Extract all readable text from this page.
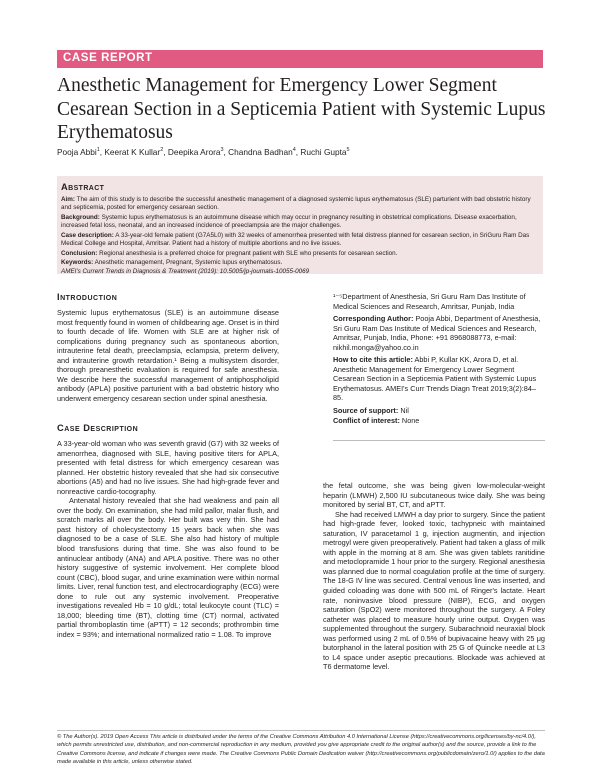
CASE REPORT
Anesthetic Management for Emergency Lower Segment Cesarean Section in a Septicemia Patient with Systemic Lupus Erythematosus
Pooja Abbi$^1$, Keerat K Kullar$^2$, Deepika Arora$^3$, Chandna Badhan$^4$, Ruchi Gupta$^5$
Abstract
Aim: The aim of this study is to describe the successful anesthetic management of a diagnosed systemic lupus erythematosus (SLE) parturient with bad obstetric history and septicemia, posted for emergency cesarean section.
Background: Systemic lupus erythematosus is an autoimmune disease which may occur in pregnancy resulting in obstetrical complications. Disease exacerbation, increased fetal loss, neonatal, and an increased incidence of preeclampsia are the major challenges.
Case description: A 33-year-old female patient (G7A5L0) with 32 weeks of amenorrhea presented with fetal distress planned for cesarean section, in SriGuru Ram Das Medical College and Hospital, Amritsar. Patient had a history of multiple abortions and no live issues.
Conclusion: Regional anesthesia is a preferred choice for pregnant patient with SLE who presents for cesarean section.
Keywords: Anesthetic management, Pregnant, Systemic lupus erythematosus.
AMEI's Current Trends in Diagnosis & Treatment (2019): 10.5005/jp-journals-10055-0069
Introduction

Systemic lupus erythematosus (SLE) is an autoimmune disease most frequently found in women of childbearing age. Onset is in third to fourth decade of life. Women with SLE are at higher risk of complications during pregnancy such as spontaneous abortion, intrauterine fetal death, preeclampsia, eclampsia, preterm delivery, and intrauterine growth retardation.¹ Being a multisystem disorder, thorough preanesthetic evaluation is required for safe anesthesia. We describe here the successful management of antiphospholipid antibody (APLA) positive parturient with a bad obstetric history who underwent emergency cesarean section under spinal anesthesia.

Case Description

A 33-year-old woman who was seventh gravid (G7) with 32 weeks of amenorrhea, diagnosed with SLE, having positive titers for APLA, presented with fetal distress for which emergency cesarean was planned. Her obstetric history revealed that she had six consecutive abortions (A5) and had no live issues. She had high-grade fever and nonreactive cardio-tocography.

Antenatal history revealed that she had weakness and pain all over the body. On examination, she had mild pallor, malar flush, and scratch marks all over the body. Her built was very thin. She had past history of cholecystectomy 15 years back when she was diagnosed to be a case of SLE. She also had history of multiple blood transfusions during that time. She was also found to be antinuclear antibody (ANA) and APLA positive. There was no other history suggestive of systemic involvement. Her complete blood count (CBC), blood sugar, and urine examination were within normal limits. Liver, renal function test, and electrocardiography (ECG) were done to rule out any systemic involvement. Preoperative investigations revealed Hb = 10 g/dL; total leukocyte count (TLC) = 18,000; bleeding time (BT), clotting time (CT) normal, activated partial thromboplastin time (aPTT) = 12 seconds; prothrombin time index = 93%; and international normalized ratio = 1.08. To improve

¹⁻⁵Department of Anesthesia, Sri Guru Ram Das Institute of Medical Sciences and Research, Amritsar, Punjab, India

Corresponding Author: Pooja Abbi, Department of Anesthesia, Sri Guru Ram Das Institute of Medical Sciences and Research, Amritsar, Punjab, India, Phone: +91 8968088773, e-mail: nikhil.monga@yahoo.co.in

How to cite this article: Abbi P, Kullar KK, Arora D, et al. Anesthetic Management for Emergency Lower Segment Cesarean Section in a Septicemia Patient with Systemic Lupus Erythematosus. AMEI's Curr Trends Diagn Treat 2019;3(2):84–85.

Source of support: Nil

Conflict of interest: None

the fetal outcome, she was being given low-molecular-weight heparin (LMWH) 2,500 IU subcutaneous twice daily. She was being monitored by serial BT, CT, and aPTT.

She had received LMWH a day prior to surgery. Since the patient had high-grade fever, looked toxic, tachypneic with maintained saturation, IV paracetamol 1 g, injection augmentin, and injection metrogyl were given preoperatively. Patient had taken a glass of milk with apple in the morning at 8 am. She was given tablets ranitidine and metoclopramide 1 hour prior to the surgery. Regional anesthesia was planned due to normal coagulation profile at the time of surgery. The 18-G IV line was secured. Central venous line was inserted, and guided coloading was done with 500 mL of Ringer's lactate. Heart rate, noninvasive blood pressure (NIBP), ECG, and oxygen saturation (SpO2) were monitored throughout the surgery. A Foley catheter was placed to measure hourly urine output. Oxygen was supplemented throughout the surgery. Subarachnoid neuraxial block was performed using 2 mL of 0.5% of bupivacaine heavy with 25 μg butorphanol in the lateral position with 25 G of Quincke needle at L3 to L4 space under aseptic precautions. Blockade was achieved at T6 dermatome level.

© The Author(s). 2019 Open Access This article is distributed under the terms of the Creative Commons Attribution 4.0 International License (https://creativecommons.org/licenses/by-nc/4.0/), which permits unrestricted use, distribution, and non-commercial reproduction in any medium, provided you give appropriate credit to the original author(s) and the source, provide a link to the Creative Commons license, and indicate if changes were made. The Creative Commons Public Domain Dedication waiver (http://creativecommons.org/publicdomain/zero/1.0/) applies to the data made available in this article, unless otherwise stated.
